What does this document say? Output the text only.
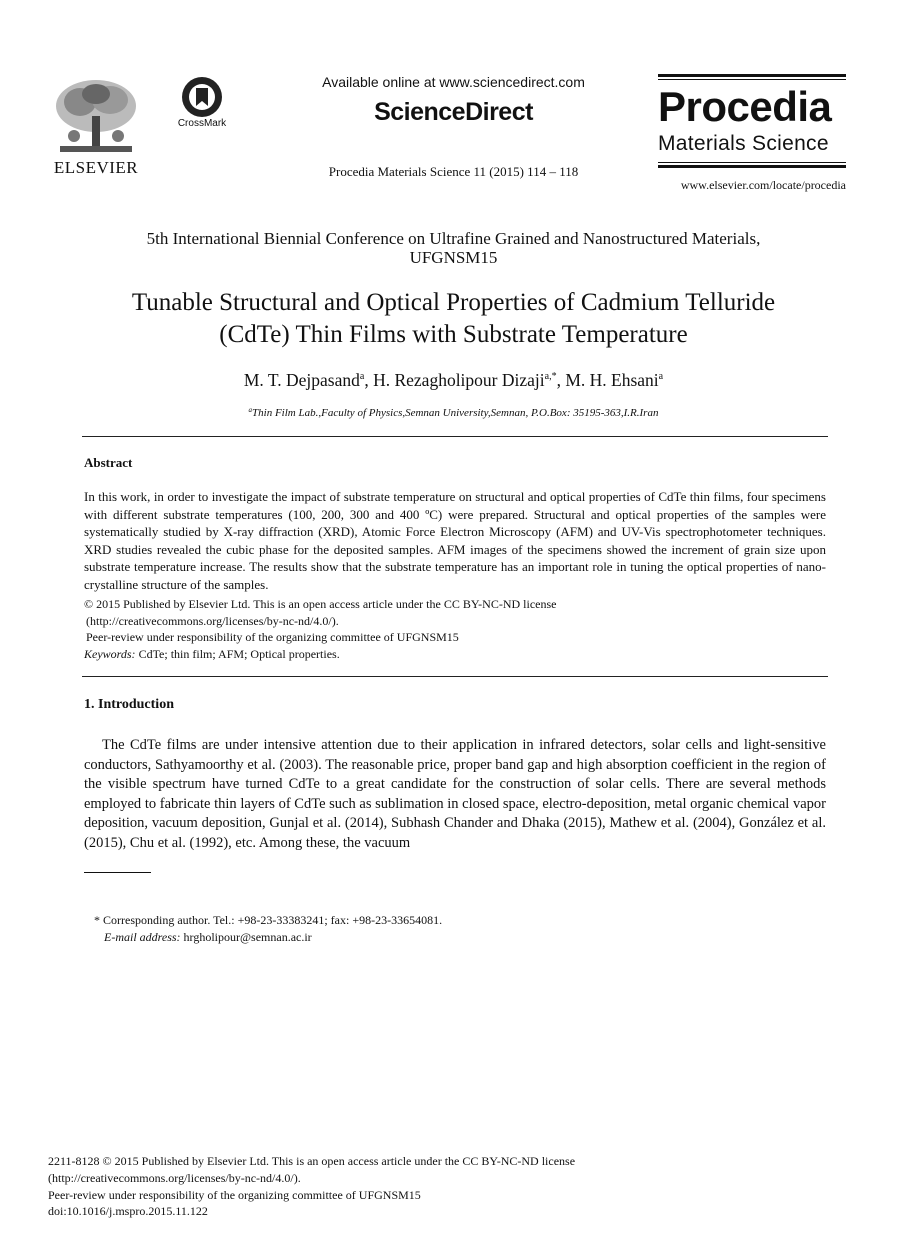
ELSEVIER
CrossMark
Available online at www.sciencedirect.com
ScienceDirect
Procedia Materials Science 11 (2015) 114 – 118
Procedia
Materials Science
www.elsevier.com/locate/procedia
5th International Biennial Conference on Ultrafine Grained and Nanostructured Materials,
UFGNSM15
Tunable Structural and Optical Properties of Cadmium Telluride
(CdTe) Thin Films with Substrate Temperature
M. T. Dejpasand$^a$, H. Rezagholipour Dizaji$^{a,*}$, M. H. Ehsani$^a$
$^a$Thin Film Lab.,Faculty of Physics,Semnan University,Semnan, P.O.Box: 35195-363,I.R.Iran
Abstract
In this work, in order to investigate the impact of substrate temperature on structural and optical properties of CdTe thin films, four specimens with different substrate temperatures (100, 200, 300 and 400 ºC) were prepared. Structural and optical properties of the samples were systematically studied by X-ray diffraction (XRD), Atomic Force Electron Microscopy (AFM) and UV-Vis spectrophotometer techniques. XRD studies revealed the cubic phase for the deposited samples. AFM images of the specimens showed the increment of grain size upon substrate temperature increase. The results show that the substrate temperature has an important role in tuning the optical properties of nano-crystalline structure of the samples.
© 2015 Published by Elsevier Ltd. This is an open access article under the CC BY-NC-ND license
(http://creativecommons.org/licenses/by-nc-nd/4.0/).
Peer-review under responsibility of the organizing committee of UFGNSM15
Keywords: CdTe; thin film; AFM; Optical properties.
1. Introduction
The CdTe films are under intensive attention due to their application in infrared detectors, solar cells and light-sensitive conductors, Sathyamoorthy et al. (2003). The reasonable price, proper band gap and high absorption coefficient in the region of the visible spectrum have turned CdTe to a great candidate for the construction of solar cells. There are several methods employed to fabricate thin layers of CdTe such as sublimation in closed space, electro-deposition, metal organic chemical vapor deposition, vacuum deposition, Gunjal et al. (2014), Subhash Chander and Dhaka (2015), Mathew et al. (2004), González et al. (2015), Chu et al. (1992), etc. Among these, the vacuum
* Corresponding author. Tel.: +98-23-33383241; fax: +98-23-33654081.
E-mail address: hrgholipour@semnan.ac.ir
2211-8128 © 2015 Published by Elsevier Ltd. This is an open access article under the CC BY-NC-ND license
(http://creativecommons.org/licenses/by-nc-nd/4.0/).
Peer-review under responsibility of the organizing committee of UFGNSM15
doi:10.1016/j.mspro.2015.11.122
